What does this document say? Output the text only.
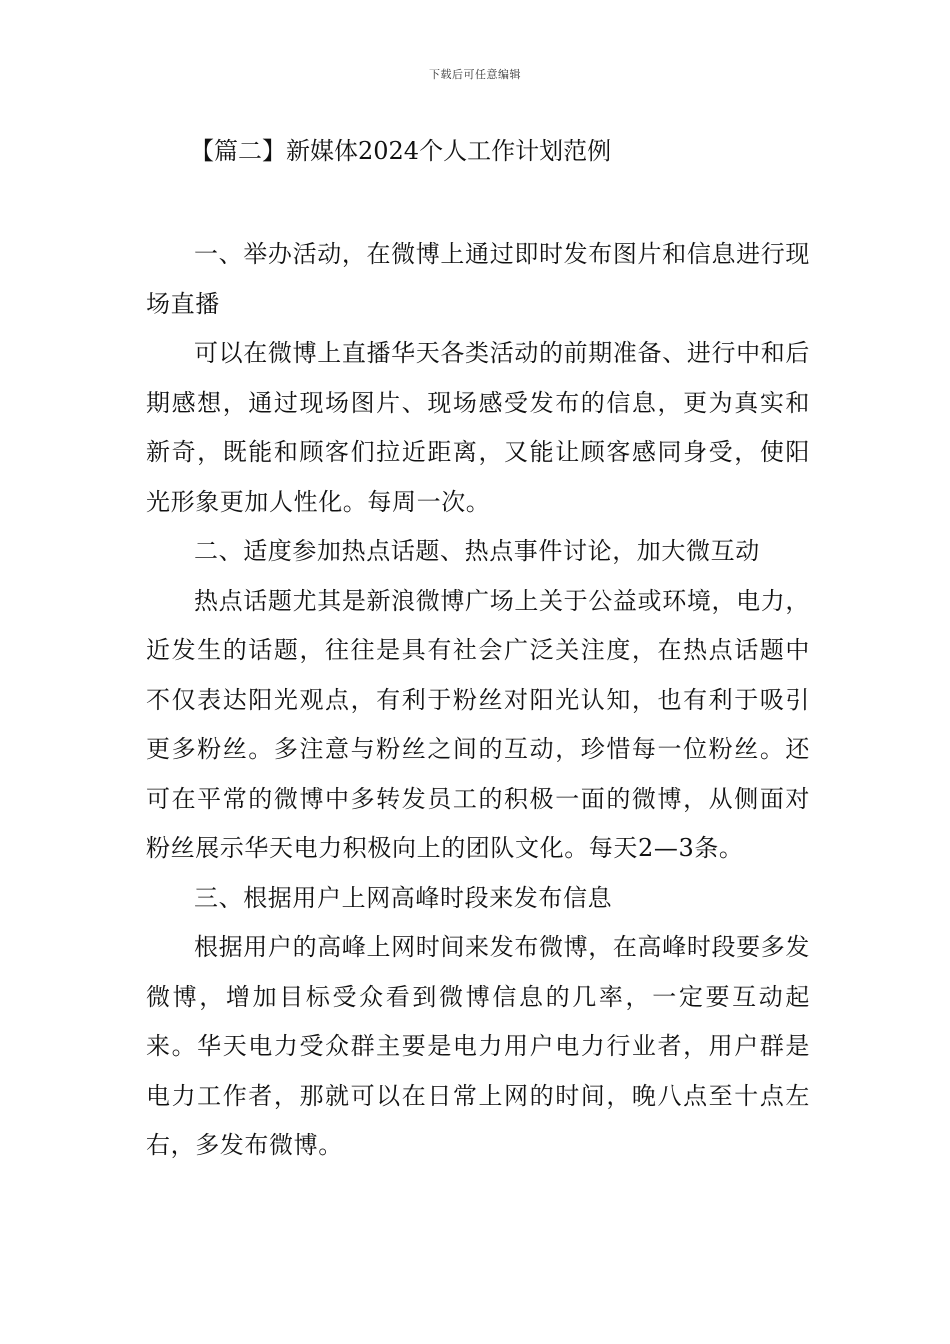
下载后可任意编辑
【篇二】新媒体2024个人工作计划范例

一、举办活动，在微博上通过即时发布图片和信息进行现场直播

可以在微博上直播华天各类活动的前期准备、进行中和后期感想，通过现场图片、现场感受发布的信息，更为真实和新奇，既能和顾客们拉近距离，又能让顾客感同身受，使阳光形象更加人性化。每周一次。

二、适度参加热点话题、热点事件讨论，加大微互动

热点话题尤其是新浪微博广场上关于公益或环境，电力，近发生的话题，往往是具有社会广泛关注度，在热点话题中不仅表达阳光观点，有利于粉丝对阳光认知，也有利于吸引更多粉丝。多注意与粉丝之间的互动，珍惜每一位粉丝。还可在平常的微博中多转发员工的积极一面的微博，从侧面对粉丝展示华天电力积极向上的团队文化。每天2—3条。

三、根据用户上网高峰时段来发布信息

根据用户的高峰上网时间来发布微博，在高峰时段要多发微博，增加目标受众看到微博信息的几率，一定要互动起来。华天电力受众群主要是电力用户电力行业者，用户群是电力工作者，那就可以在日常上网的时间，晚八点至十点左右，多发布微博。
